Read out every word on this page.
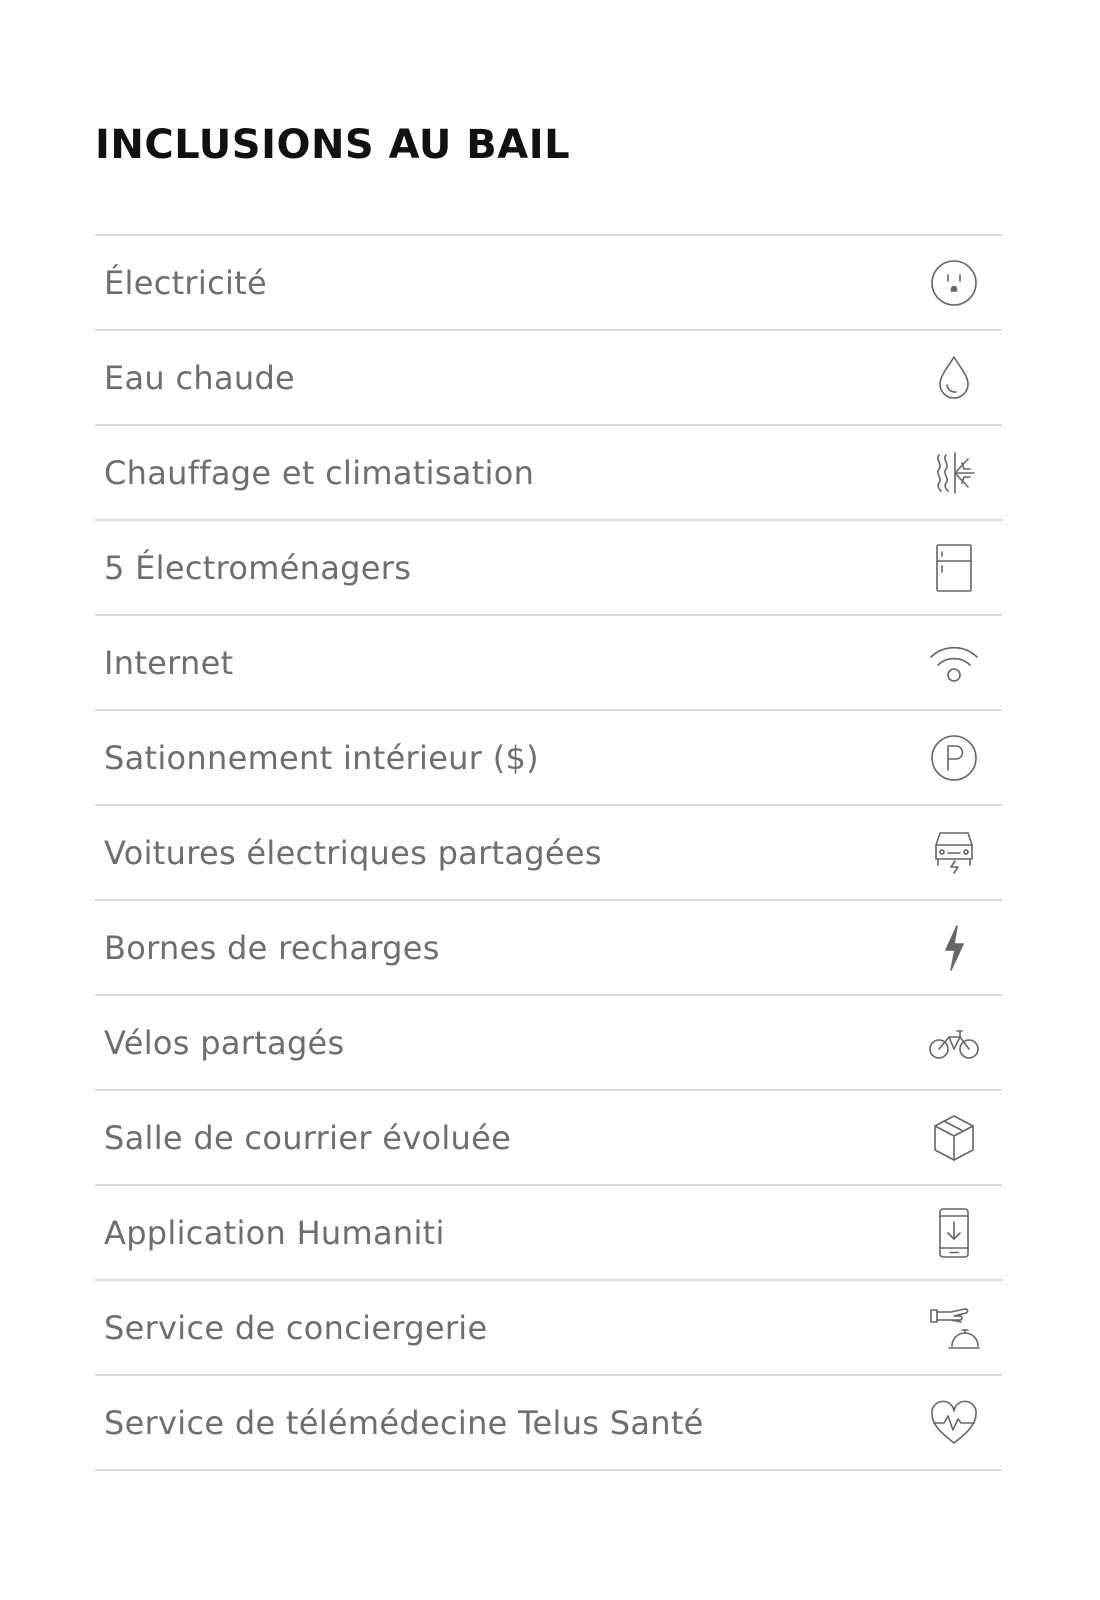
INCLUSIONS AU BAIL
Électricité
Eau chaude
Chauffage et climatisation
5 Électroménagers
Internet
Sationnement intérieur ($)
Voitures électriques partagées
Bornes de recharges
Vélos partagés
Salle de courrier évoluée
Application Humaniti
Service de conciergerie
Service de télémédecine Telus Santé
